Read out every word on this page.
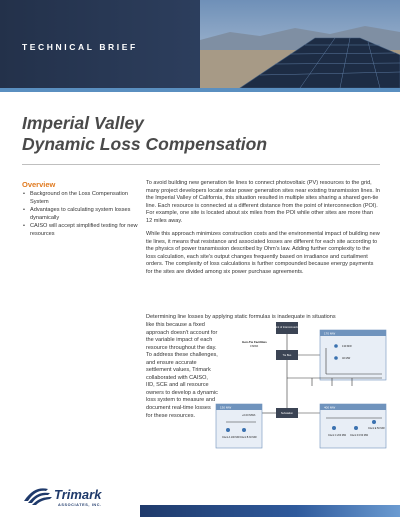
TECHNICAL BRIEF
Imperial Valley
Dynamic Loss Compensation
Overview
• Background on the Loss Compensation System
• Advantages to calculating system losses dynamically
• CAISO will accept simplified testing for new resources

To avoid building new generation tie lines to connect photovoltaic (PV) resources to the grid, many project developers locate solar power generation sites near existing transmission lines. In the Imperial Valley of California, this situation resulted in multiple sites sharing a shared gen-tie line. Each resource is connected at a different distance from the point of interconnection (POI). For example, one site is located about six miles from the POI while other sites are more than 12 miles away.

While this approach minimizes construction costs and the environmental impact of building new tie lines, it means that resistance and associated losses are different for each site according to the physics of power transmission described by Ohm's law. Adding further complexity to the loss calculation, each site's output changes frequently based on irradiance and curtailment orders. The complexity of loss calculations is further compounded because energy payments for the sites are divided among six power purchase agreements.

Determining line losses by applying static formulas is inadequate in situations

like this because a fixed approach doesn't account for the variable impact of each resource throughout the day. To address these challenges, and ensure accurate settlement values, Trimark collaborated with CAISO, IID, SCE and all resource owners to develop a dynamic loss system to measure and document real-time losses for these resources.

Point of Interconnection
Gen-Tie Facilities
0 MWh
Tie Bus
170 MW
130 MW
40 MW
Substation
130 MW
+0.00 MWh
Client A 100 MW Client B 30 MW
400 MW
Client C 200 MW	Client D 150 MW
Client E 50 MW
Trimark
ASSOCIATES, INC.
